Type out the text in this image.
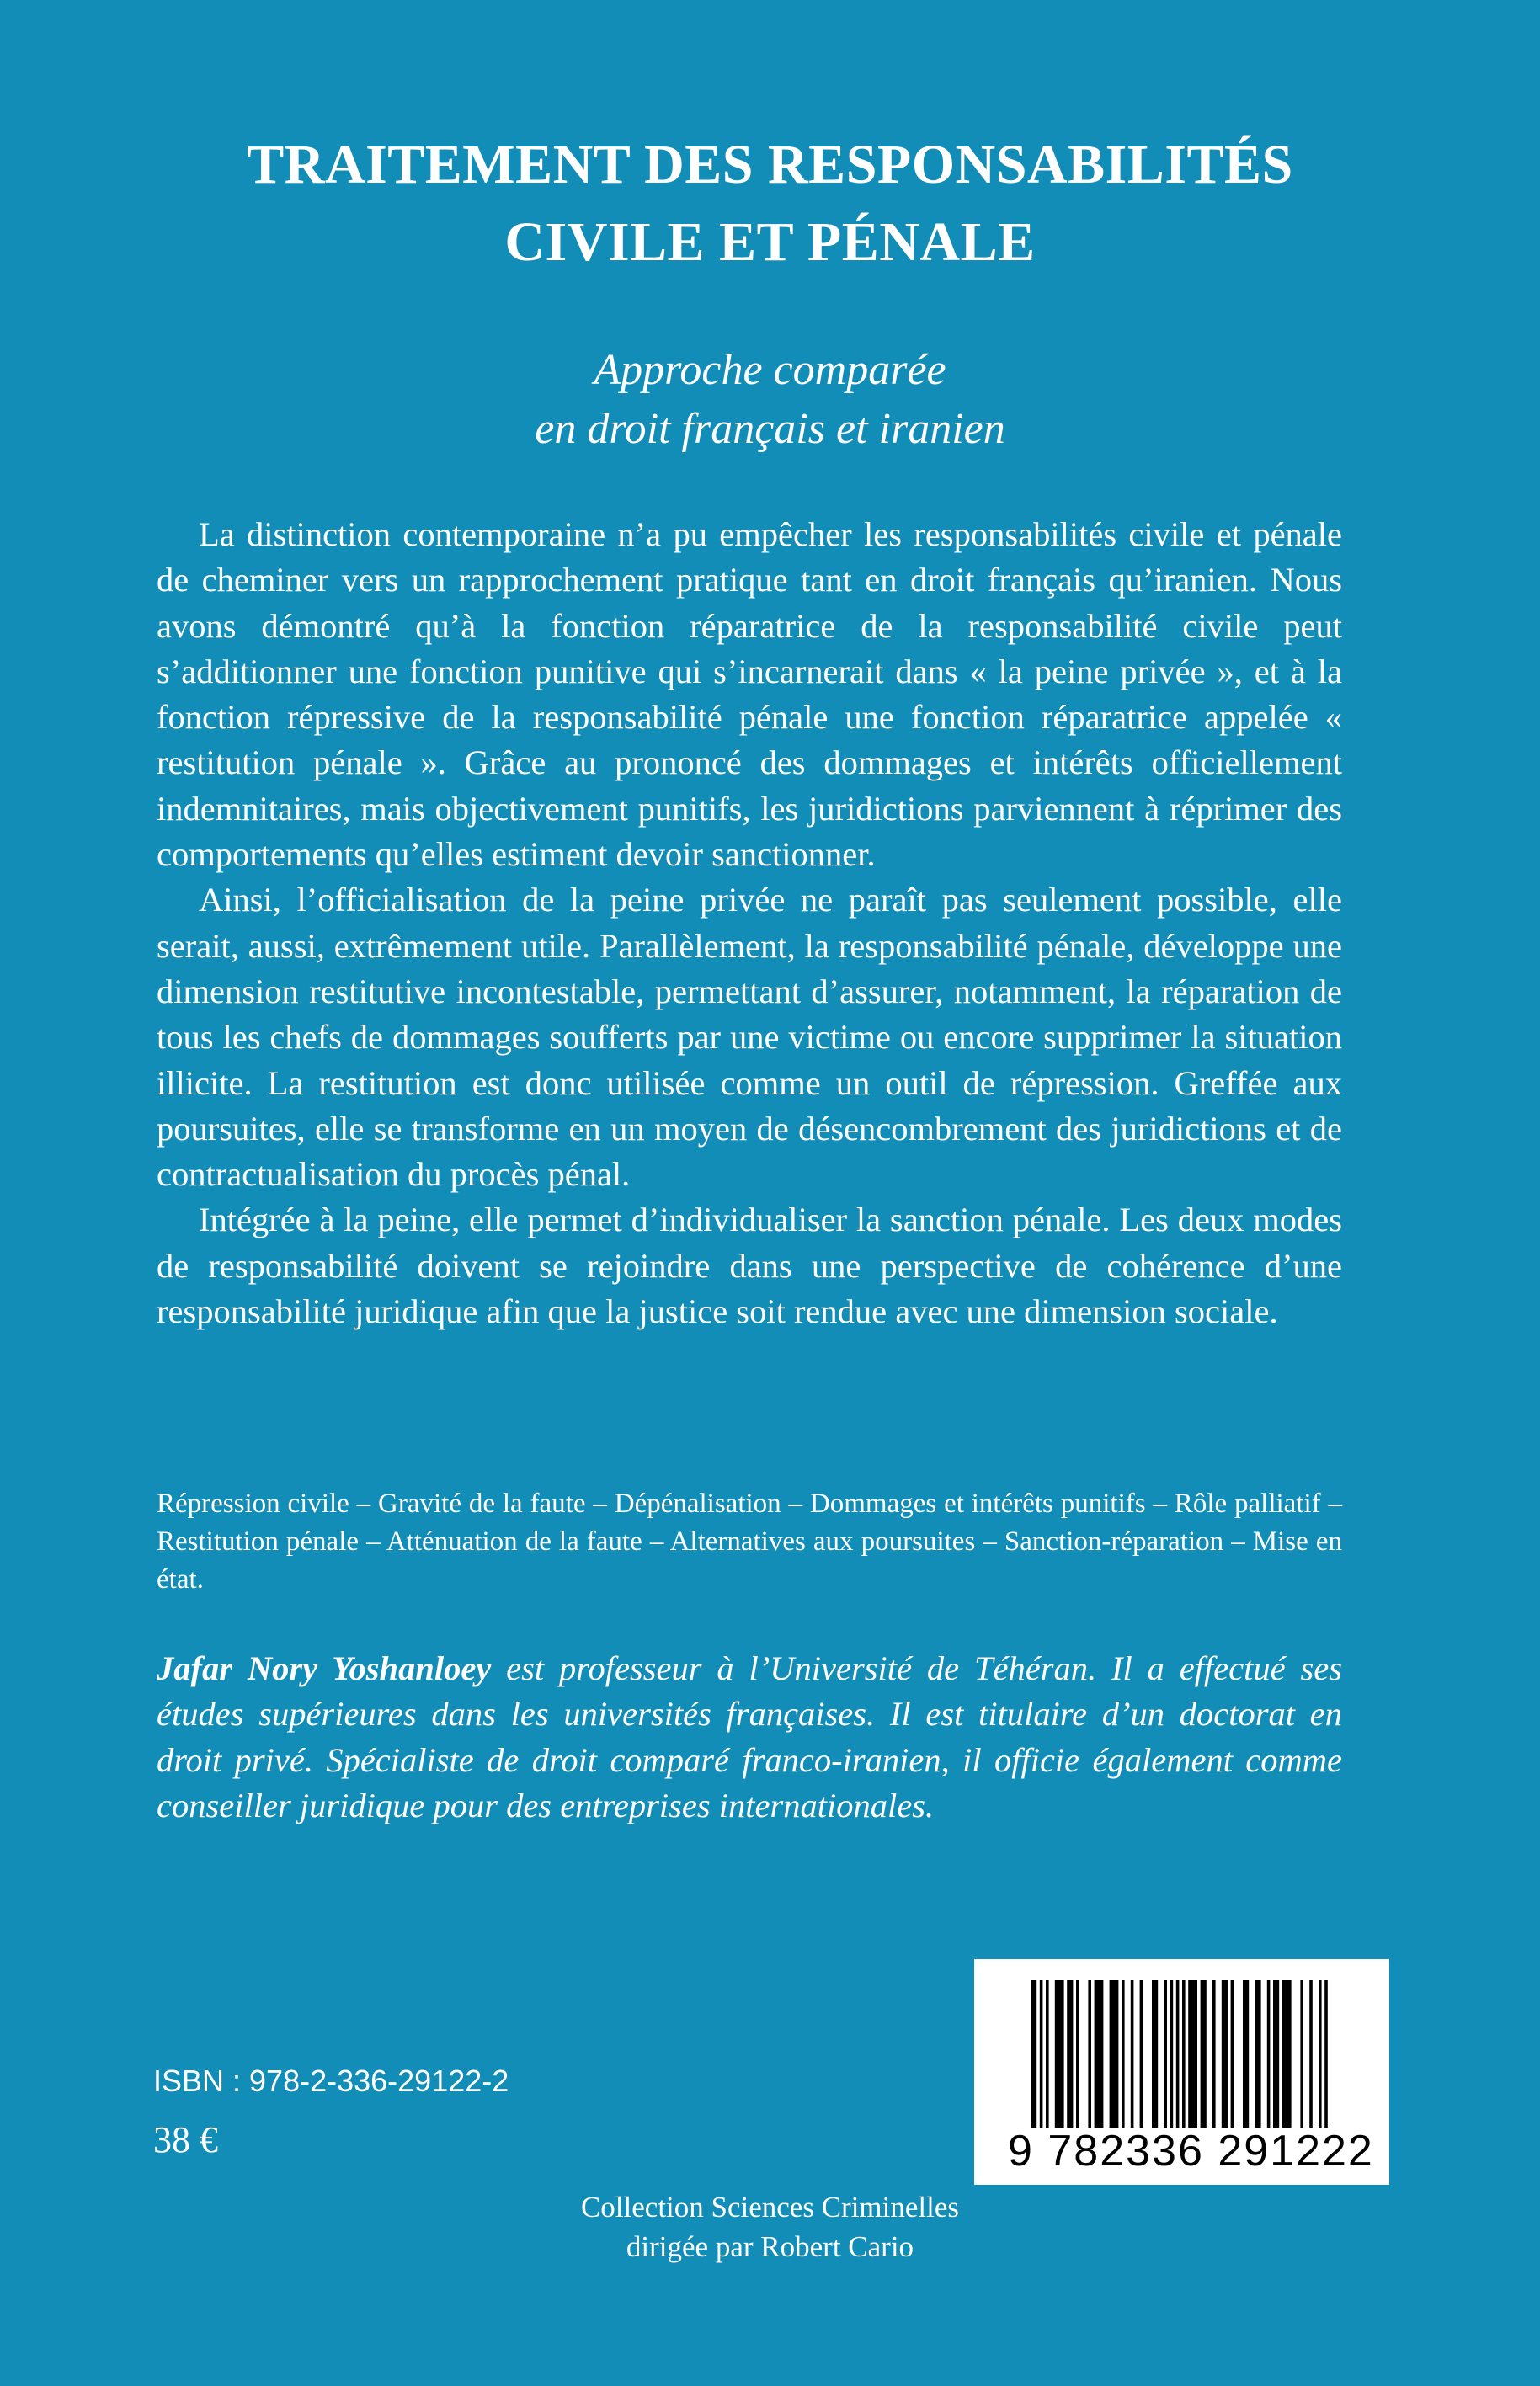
TRAITEMENT DES RESPONSABILITÉS
CIVILE ET PÉNALE
Approche comparée
en droit français et iranien

La distinction contemporaine n’a pu empêcher les responsabilités civile et pénale de cheminer vers un rapprochement pratique tant en droit français qu’iranien. Nous avons démontré qu’à la fonction réparatrice de la responsabilité civile peut s’additionner une fonction punitive qui s’incarnerait dans « la peine privée », et à la fonction répressive de la responsabilité pénale une fonction réparatrice appelée « restitution pénale ». Grâce au prononcé des dommages et intérêts officiellement indemnitaires, mais objectivement punitifs, les juridictions parviennent à réprimer des comportements qu’elles estiment devoir sanctionner.

Ainsi, l’officialisation de la peine privée ne paraît pas seulement possible, elle serait, aussi, extrêmement utile. Parallèlement, la responsabilité pénale, développe une dimension restitutive incontestable, permettant d’assurer, notamment, la réparation de tous les chefs de dommages soufferts par une victime ou encore supprimer la situation illicite. La restitution est donc utilisée comme un outil de répression. Greffée aux poursuites, elle se transforme en un moyen de désencombrement des juridictions et de contractualisation du procès pénal.

Intégrée à la peine, elle permet d’individualiser la sanction pénale. Les deux modes de responsabilité doivent se rejoindre dans une perspective de cohérence d’une responsabilité juridique afin que la justice soit rendue avec une dimension sociale.

Répression civile – Gravité de la faute – Dépénalisation – Dommages et intérêts punitifs – Rôle palliatif – Restitution pénale – Atténuation de la faute – Alternatives aux poursuites – Sanction-réparation – Mise en état.
Jafar Nory Yoshanloey est professeur à l’Université de Téhéran. Il a effectué ses études supérieures dans les universités françaises. Il est titulaire d’un doctorat en droit privé. Spécialiste de droit comparé franco-iranien, il officie également comme conseiller juridique pour des entreprises internationales.
ISBN : 978-2-336-29122-2
38 €	9 782336 291222
Collection Sciences Criminelles
dirigée par Robert Cario
